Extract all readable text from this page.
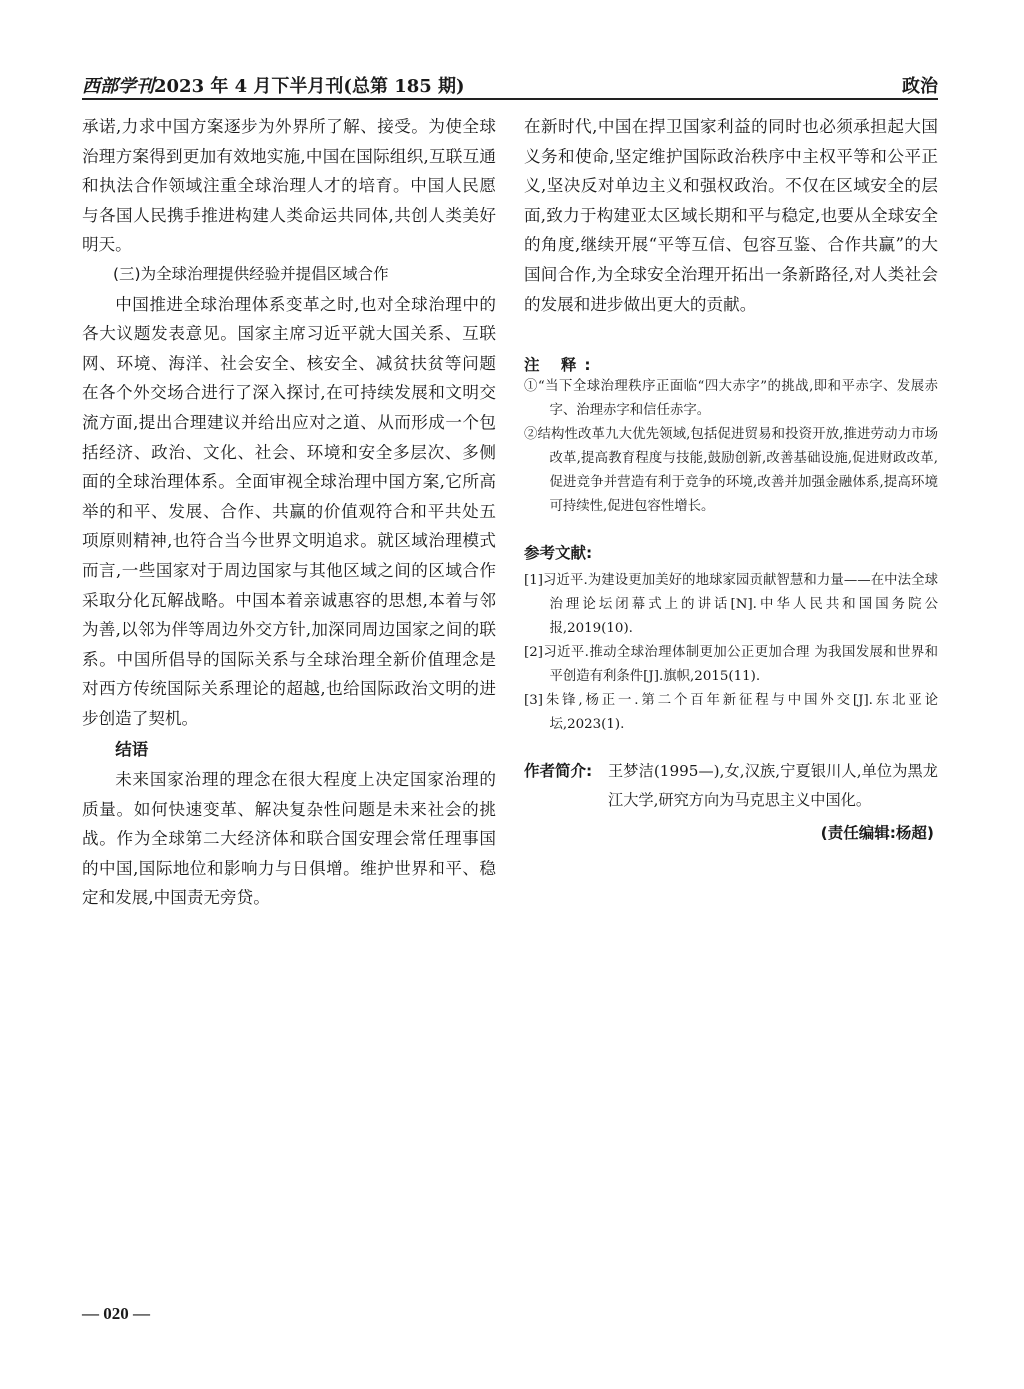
西部学刊2023 年 4 月下半月刊(总第 185 期)	政治

承诺,力求中国方案逐步为外界所了解、接受。为使全球治理方案得到更加有效地实施,中国在国际组织,互联互通和执法合作领域注重全球治理人才的培育。中国人民愿与各国人民携手推进构建人类命运共同体,共创人类美好明天。

(三)为全球治理提供经验并提倡区域合作

中国推进全球治理体系变革之时,也对全球治理中的各大议题发表意见。国家主席习近平就大国关系、互联网、环境、海洋、社会安全、核安全、减贫扶贫等问题在各个外交场合进行了深入探讨,在可持续发展和文明交流方面,提出合理建议并给出应对之道、从而形成一个包括经济、政治、文化、社会、环境和安全多层次、多侧面的全球治理体系。全面审视全球治理中国方案,它所高举的和平、发展、合作、共赢的价值观符合和平共处五项原则精神,也符合当今世界文明追求。就区域治理模式而言,一些国家对于周边国家与其他区域之间的区域合作采取分化瓦解战略。中国本着亲诚惠容的思想,本着与邻为善,以邻为伴等周边外交方针,加深同周边国家之间的联系。中国所倡导的国际关系与全球治理全新价值理念是对西方传统国际关系理论的超越,也给国际政治文明的进步创造了契机。

结语

未来国家治理的理念在很大程度上决定国家治理的质量。如何快速变革、解决复杂性问题是未来社会的挑战。作为全球第二大经济体和联合国安理会常任理事国的中国,国际地位和影响力与日俱增。维护世界和平、稳定和发展,中国责无旁贷。

在新时代,中国在捍卫国家利益的同时也必须承担起大国义务和使命,坚定维护国际政治秩序中主权平等和公平正义,坚决反对单边主义和强权政治。不仅在区域安全的层面,致力于构建亚太区域长期和平与稳定,也要从全球安全的角度,继续开展“平等互信、包容互鉴、合作共赢”的大国间合作,为全球安全治理开拓出一条新路径,对人类社会的发展和进步做出更大的贡献。

注 释:

①“当下全球治理秩序正面临“四大赤字”的挑战,即和平赤字、发展赤字、治理赤字和信任赤字。

②结构性改革九大优先领域,包括促进贸易和投资开放,推进劳动力市场改革,提高教育程度与技能,鼓励创新,改善基础设施,促进财政改革,促进竞争并营造有利于竞争的环境,改善并加强金融体系,提高环境可持续性,促进包容性增长。

参考文献:

[1]习近平.为建设更加美好的地球家园贡献智慧和力量——在中法全球治理论坛闭幕式上的讲话[N].中华人民共和国国务院公报,2019(10).

[2]习近平.推动全球治理体制更加公正更加合理 为我国发展和世界和平创造有利条件[J].旗帜,2015(11).

[3]朱锋,杨正一.第二个百年新征程与中国外交[J].东北亚论坛,2023(1).

作者简介: 王梦洁(1995—),女,汉族,宁夏银川人,单位为黑龙江大学,研究方向为马克思主义中国化。
(责任编辑:杨超)
— 020 —
